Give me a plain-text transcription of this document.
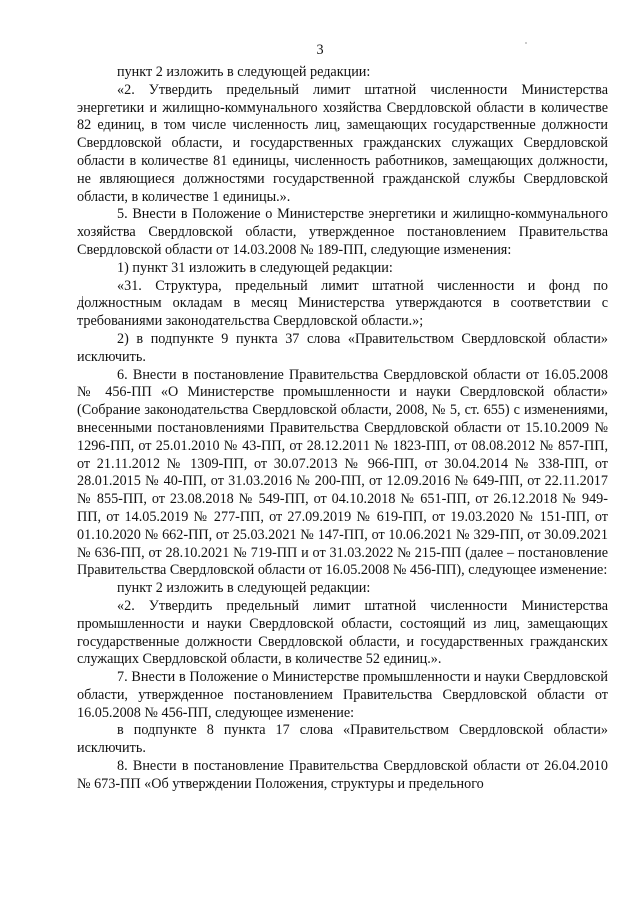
3

пункт 2 изложить в следующей редакции:

«2. Утвердить предельный лимит штатной численности Министерства энергетики и жилищно-коммунального хозяйства Свердловской области в количестве 82 единиц, в том числе численность лиц, замещающих государственные должности Свердловской области, и государственных гражданских служащих Свердловской области в количестве 81 единицы, численность работников, замещающих должности, не являющиеся должностями государственной гражданской службы Свердловской области, в количестве 1 единицы.».

5. Внести в Положение о Министерстве энергетики и жилищно-коммунального хозяйства Свердловской области, утвержденное постановлением Правительства Свердловской области от 14.03.2008 № 189-ПП, следующие изменения:

1) пункт 31 изложить в следующей редакции:

«31. Структура, предельный лимит штатной численности и фонд по должностным окладам в месяц Министерства утверждаются в соответствии с требованиями законодательства Свердловской области.»;

2) в подпункте 9 пункта 37 слова «Правительством Свердловской области» исключить.

6. Внести в постановление Правительства Свердловской области от 16.05.2008 № 456-ПП «О Министерстве промышленности и науки Свердловской области» (Собрание законодательства Свердловской области, 2008, № 5, ст. 655) с изменениями, внесенными постановлениями Правительства Свердловской области от 15.10.2009 № 1296-ПП, от 25.01.2010 № 43-ПП, от 28.12.2011 № 1823-ПП, от 08.08.2012 № 857-ПП, от 21.11.2012 № 1309-ПП, от 30.07.2013 № 966-ПП, от 30.04.2014 № 338-ПП, от 28.01.2015 № 40-ПП, от 31.03.2016 № 200-ПП, от 12.09.2016 № 649-ПП, от 22.11.2017 № 855-ПП, от 23.08.2018 № 549-ПП, от 04.10.2018 № 651-ПП, от 26.12.2018 № 949-ПП, от 14.05.2019 № 277-ПП, от 27.09.2019 № 619-ПП, от 19.03.2020 № 151-ПП, от 01.10.2020 № 662-ПП, от 25.03.2021 № 147-ПП, от 10.06.2021 № 329-ПП, от 30.09.2021 № 636-ПП, от 28.10.2021 № 719-ПП и от 31.03.2022 № 215-ПП (далее – постановление Правительства Свердловской области от 16.05.2008 № 456-ПП), следующее изменение:

пункт 2 изложить в следующей редакции:

«2. Утвердить предельный лимит штатной численности Министерства промышленности и науки Свердловской области, состоящий из лиц, замещающих государственные должности Свердловской области, и государственных гражданских служащих Свердловской области, в количестве 52 единиц.».

7. Внести в Положение о Министерстве промышленности и науки Свердловской области, утвержденное постановлением Правительства Свердловской области от 16.05.2008 № 456-ПП, следующее изменение:

в подпункте 8 пункта 17 слова «Правительством Свердловской области» исключить.

8. Внести в постановление Правительства Свердловской области от 26.04.2010 № 673-ПП «Об утверждении Положения, структуры и предельного
